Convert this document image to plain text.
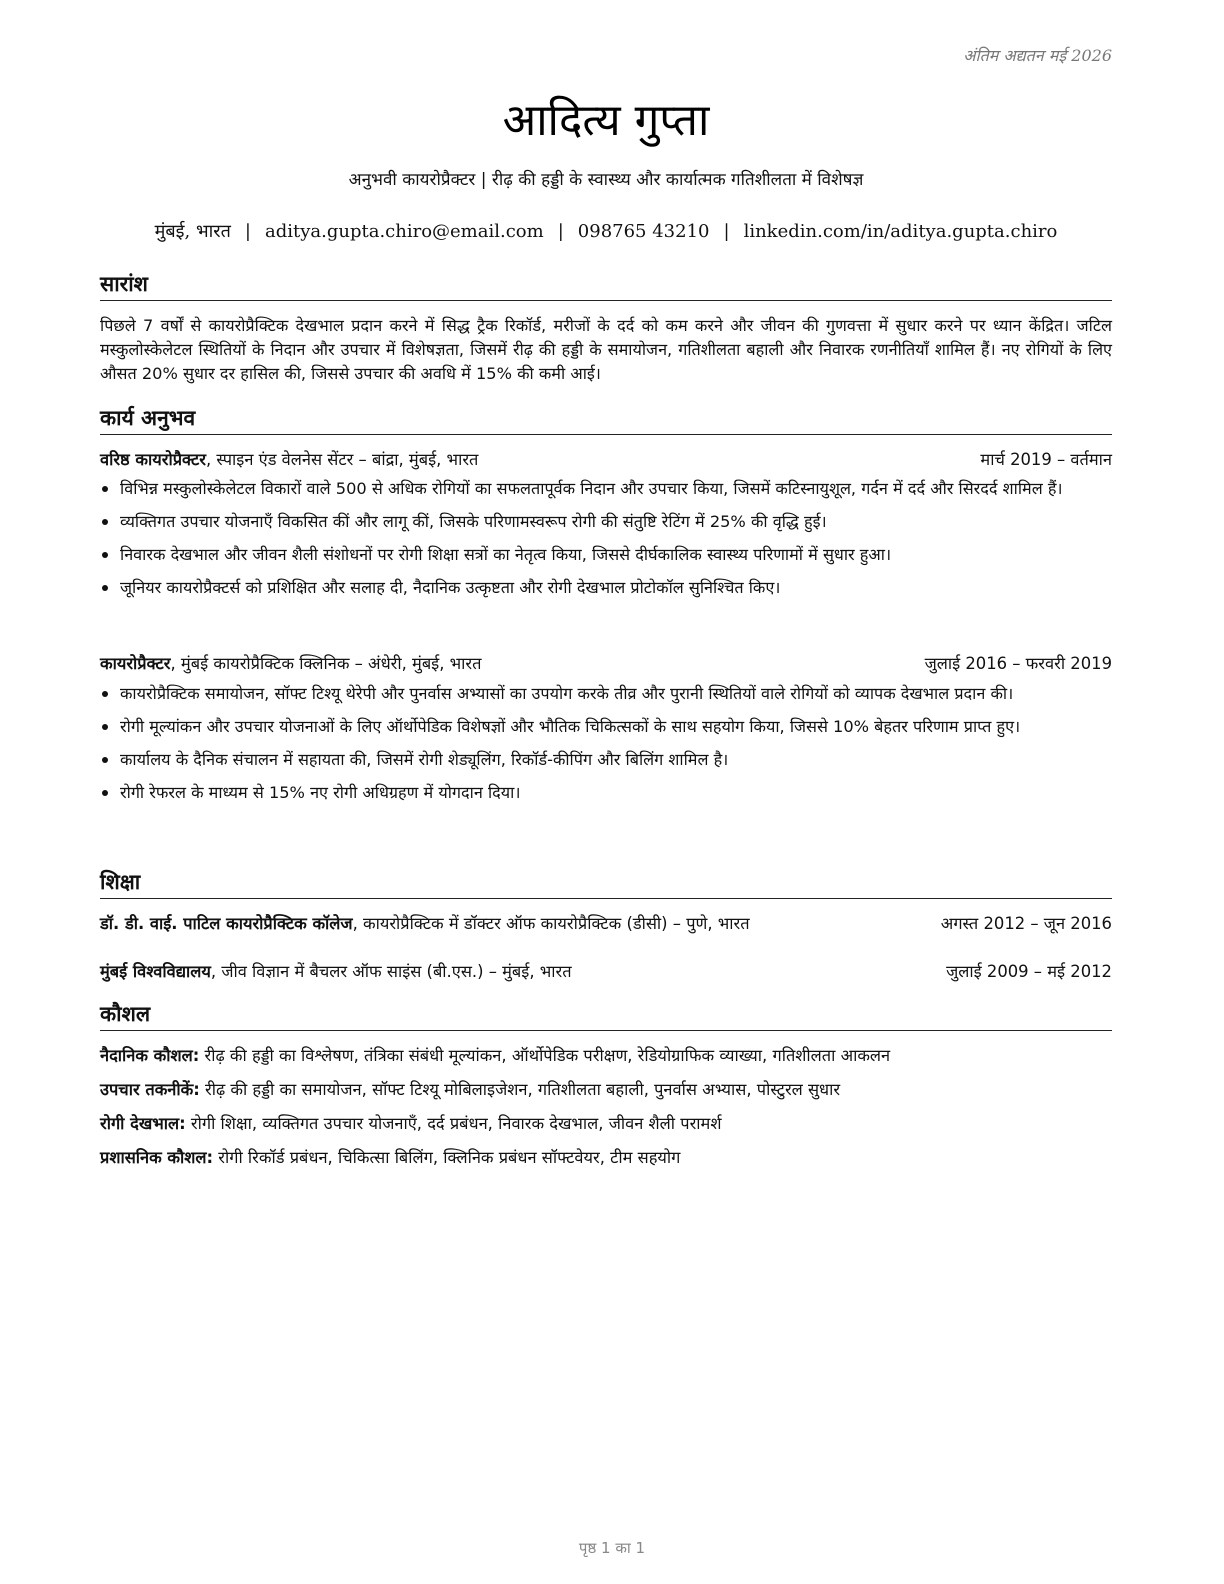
अंतिम अद्यतन मई 2026
आदित्य गुप्ता
अनुभवी कायरोप्रैक्टर | रीढ़ की हड्डी के स्वास्थ्य और कार्यात्मक गतिशीलता में विशेषज्ञ
मुंबई, भारत | aditya.gupta.chiro@email.com | 098765 43210 | linkedin.com/in/aditya.gupta.chiro
सारांश
पिछले 7 वर्षों से कायरोप्रैक्टिक देखभाल प्रदान करने में सिद्ध ट्रैक रिकॉर्ड, मरीजों के दर्द को कम करने और जीवन की गुणवत्ता में सुधार करने पर ध्यान केंद्रित। जटिल मस्कुलोस्केलेटल स्थितियों के निदान और उपचार में विशेषज्ञता, जिसमें रीढ़ की हड्डी के समायोजन, गतिशीलता बहाली और निवारक रणनीतियाँ शामिल हैं। नए रोगियों के लिए औसत 20% सुधार दर हासिल की, जिससे उपचार की अवधि में 15% की कमी आई।
कार्य अनुभव
वरिष्ठ कायरोप्रैक्टर, स्पाइन एंड वेलनेस सेंटर – बांद्रा, मुंबई, भारत	मार्च 2019 – वर्तमान
विभिन्न मस्कुलोस्केलेटल विकारों वाले 500 से अधिक रोगियों का सफलतापूर्वक निदान और उपचार किया, जिसमें कटिस्नायुशूल, गर्दन में दर्द और सिरदर्द शामिल हैं।
व्यक्तिगत उपचार योजनाएँ विकसित कीं और लागू कीं, जिसके परिणामस्वरूप रोगी की संतुष्टि रेटिंग में 25% की वृद्धि हुई।
निवारक देखभाल और जीवन शैली संशोधनों पर रोगी शिक्षा सत्रों का नेतृत्व किया, जिससे दीर्घकालिक स्वास्थ्य परिणामों में सुधार हुआ।
जूनियर कायरोप्रैक्टर्स को प्रशिक्षित और सलाह दी, नैदानिक उत्कृष्टता और रोगी देखभाल प्रोटोकॉल सुनिश्चित किए।
कायरोप्रैक्टर, मुंबई कायरोप्रैक्टिक क्लिनिक – अंधेरी, मुंबई, भारत	जुलाई 2016 – फरवरी 2019
कायरोप्रैक्टिक समायोजन, सॉफ्ट टिश्यू थेरेपी और पुनर्वास अभ्यासों का उपयोग करके तीव्र और पुरानी स्थितियों वाले रोगियों को व्यापक देखभाल प्रदान की।
रोगी मूल्यांकन और उपचार योजनाओं के लिए ऑर्थोपेडिक विशेषज्ञों और भौतिक चिकित्सकों के साथ सहयोग किया, जिससे 10% बेहतर परिणाम प्राप्त हुए।
कार्यालय के दैनिक संचालन में सहायता की, जिसमें रोगी शेड्यूलिंग, रिकॉर्ड-कीपिंग और बिलिंग शामिल है।
रोगी रेफरल के माध्यम से 15% नए रोगी अधिग्रहण में योगदान दिया।
शिक्षा
डॉ. डी. वाई. पाटिल कायरोप्रैक्टिक कॉलेज, कायरोप्रैक्टिक में डॉक्टर ऑफ कायरोप्रैक्टिक (डीसी) – पुणे, भारत	अगस्त 2012 – जून 2016
मुंबई विश्वविद्यालय, जीव विज्ञान में बैचलर ऑफ साइंस (बी.एस.) – मुंबई, भारत	जुलाई 2009 – मई 2012
कौशल
नैदानिक कौशल: रीढ़ की हड्डी का विश्लेषण, तंत्रिका संबंधी मूल्यांकन, ऑर्थोपेडिक परीक्षण, रेडियोग्राफिक व्याख्या, गतिशीलता आकलन
उपचार तकनीकें: रीढ़ की हड्डी का समायोजन, सॉफ्ट टिश्यू मोबिलाइजेशन, गतिशीलता बहाली, पुनर्वास अभ्यास, पोस्टुरल सुधार
रोगी देखभाल: रोगी शिक्षा, व्यक्तिगत उपचार योजनाएँ, दर्द प्रबंधन, निवारक देखभाल, जीवन शैली परामर्श
प्रशासनिक कौशल: रोगी रिकॉर्ड प्रबंधन, चिकित्सा बिलिंग, क्लिनिक प्रबंधन सॉफ्टवेयर, टीम सहयोग
पृष्ठ 1 का 1
